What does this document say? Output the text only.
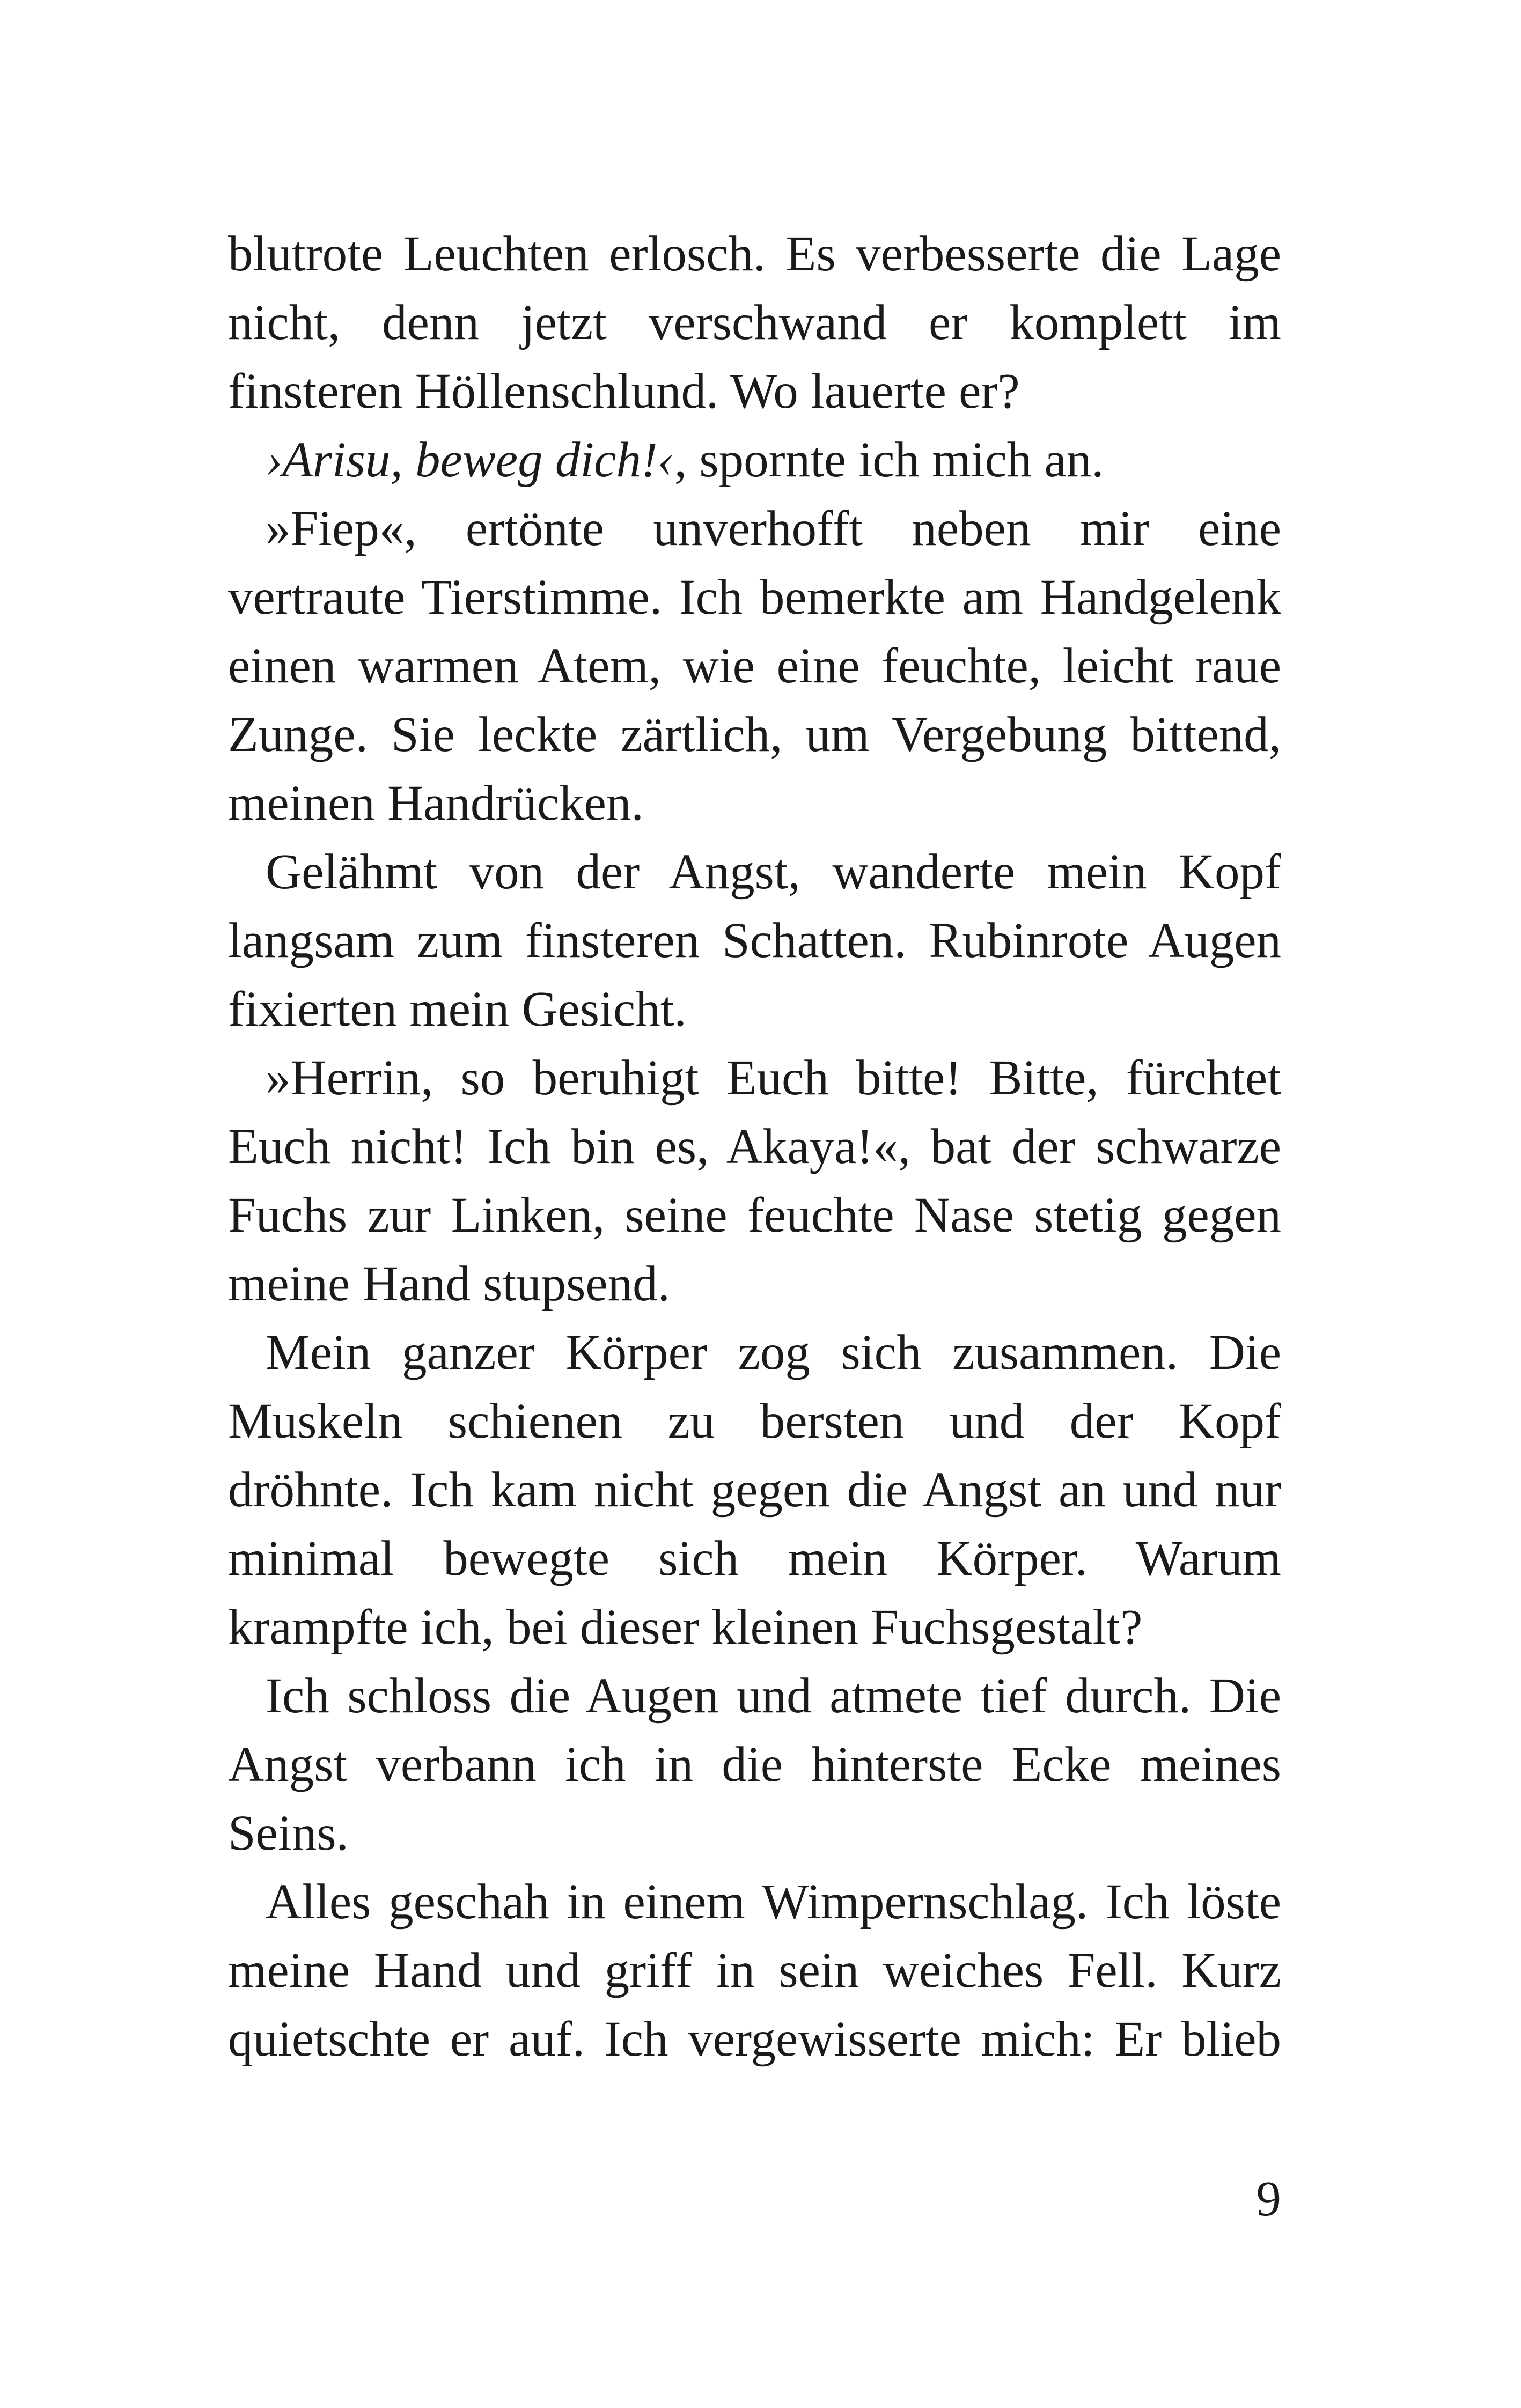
blutrote Leuchten erlosch. Es verbesserte die Lage
nicht, denn jetzt verschwand er komplett im
finsteren Höllenschlund. Wo lauerte er?
›Arisu, beweg dich!‹, spornte ich mich an.
»Fiep«, ertönte unverhofft neben mir eine
vertraute Tierstimme. Ich bemerkte am Handgelenk
einen warmen Atem, wie eine feuchte, leicht raue
Zunge. Sie leckte zärtlich, um Vergebung bittend,
meinen Handrücken.
Gelähmt von der Angst, wanderte mein Kopf
langsam zum finsteren Schatten. Rubinrote Augen
fixierten mein Gesicht.
»Herrin, so beruhigt Euch bitte! Bitte, fürchtet
Euch nicht! Ich bin es, Akaya!«, bat der schwarze
Fuchs zur Linken, seine feuchte Nase stetig gegen
meine Hand stupsend.
Mein ganzer Körper zog sich zusammen. Die
Muskeln schienen zu bersten und der Kopf
dröhnte. Ich kam nicht gegen die Angst an und nur
minimal bewegte sich mein Körper. Warum
krampfte ich, bei dieser kleinen Fuchsgestalt?
Ich schloss die Augen und atmete tief durch. Die
Angst verbann ich in die hinterste Ecke meines
Seins.
Alles geschah in einem Wimpernschlag. Ich löste
meine Hand und griff in sein weiches Fell. Kurz
quietschte er auf. Ich vergewisserte mich: Er blieb
9
